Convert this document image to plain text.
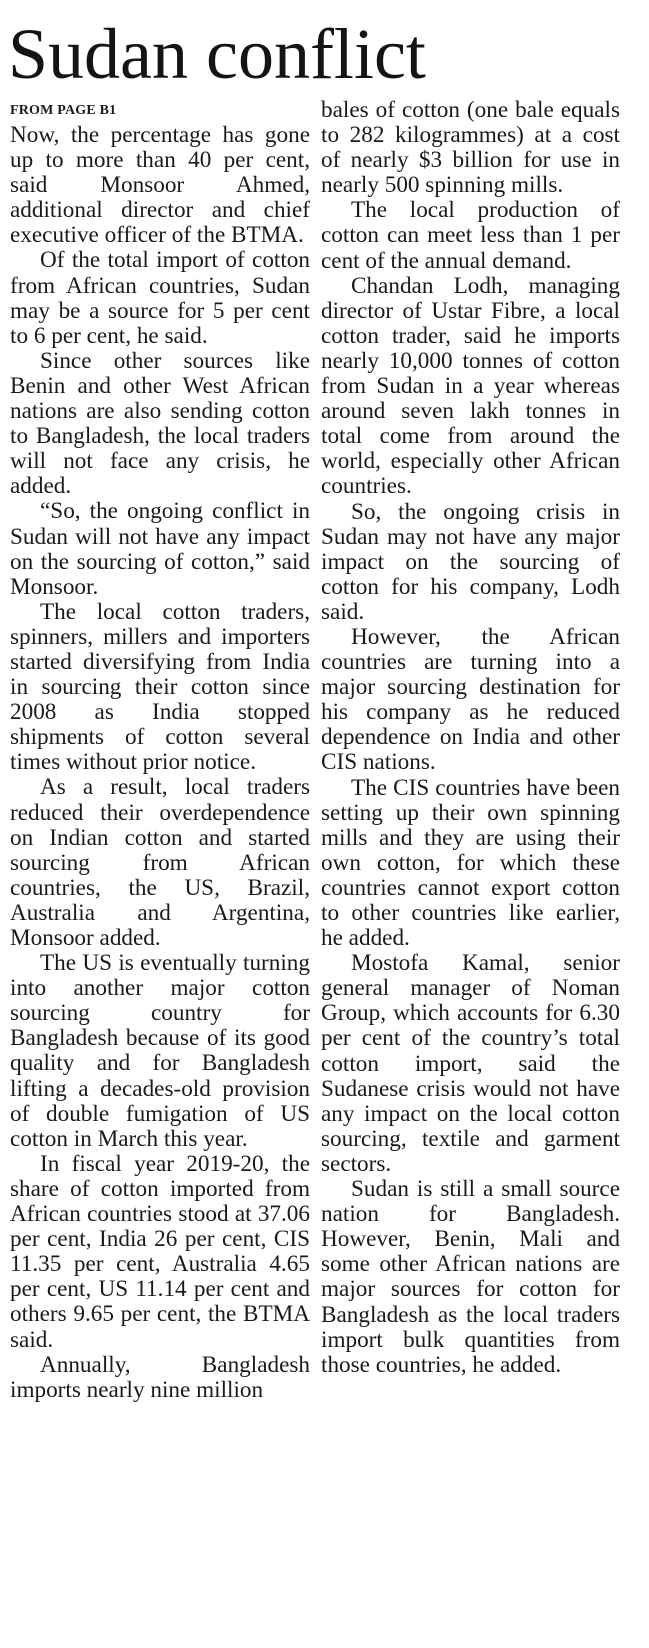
Sudan conflict
FROM PAGE B1

Now, the percentage has gone up to more than 40 per cent, said Monsoor Ahmed, additional director and chief executive officer of the BTMA.

Of the total import of cotton from African countries, Sudan may be a source for 5 per cent to 6 per cent, he said.

Since other sources like Benin and other West African nations are also sending cotton to Bangladesh, the local traders will not face any crisis, he added.

“So, the ongoing conflict in Sudan will not have any impact on the sourcing of cotton,” said Monsoor.

The local cotton traders, spinners, millers and importers started diversifying from India in sourcing their cotton since 2008 as India stopped shipments of cotton several times without prior notice.

As a result, local traders reduced their overdependence on Indian cotton and started sourcing from African countries, the US, Brazil, Australia and Argentina, Monsoor added.

The US is eventually turning into another major cotton sourcing country for Bangladesh because of its good quality and for Bangladesh lifting a decades-old provision of double fumigation of US cotton in March this year.

In fiscal year 2019-20, the share of cotton imported from African countries stood at 37.06 per cent, India 26 per cent, CIS 11.35 per cent, Australia 4.65 per cent, US 11.14 per cent and others 9.65 per cent, the BTMA said.

Annually, Bangladesh imports nearly nine million

bales of cotton (one bale equals to 282 kilogrammes) at a cost of nearly $3 billion for use in nearly 500 spinning mills.

The local production of cotton can meet less than 1 per cent of the annual demand.

Chandan Lodh, managing director of Ustar Fibre, a local cotton trader, said he imports nearly 10,000 tonnes of cotton from Sudan in a year whereas around seven lakh tonnes in total come from around the world, especially other African countries.

So, the ongoing crisis in Sudan may not have any major impact on the sourcing of cotton for his company, Lodh said.

However, the African countries are turning into a major sourcing destination for his company as he reduced dependence on India and other CIS nations.

The CIS countries have been setting up their own spinning mills and they are using their own cotton, for which these countries cannot export cotton to other countries like earlier, he added.

Mostofa Kamal, senior general manager of Noman Group, which accounts for 6.30 per cent of the country’s total cotton import, said the Sudanese crisis would not have any impact on the local cotton sourcing, textile and garment sectors.

Sudan is still a small source nation for Bangladesh. However, Benin, Mali and some other African nations are major sources for cotton for Bangladesh as the local traders import bulk quantities from those countries, he added.
